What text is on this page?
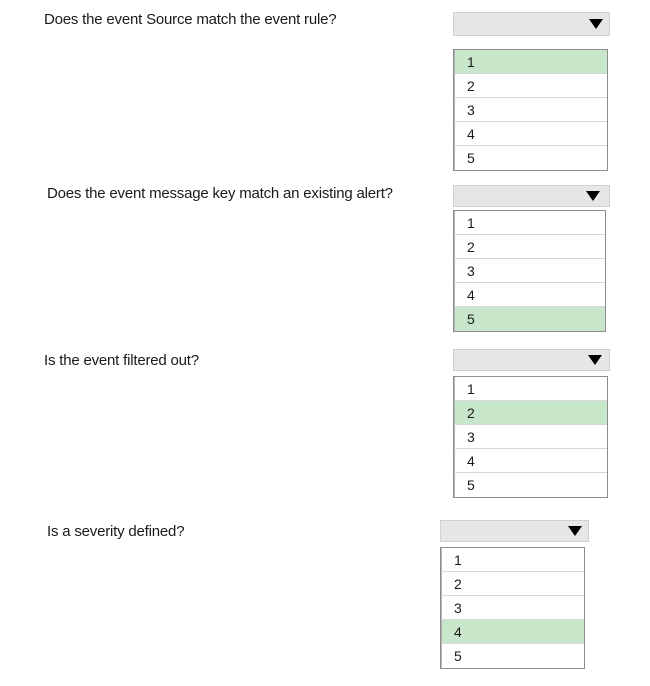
Does the event Source match the event rule?
1
2
3
4
5
Does the event message key match an existing alert?
1
2
3
4
5
Is the event filtered out?
1
2
3
4
5
Is a severity defined?
1
2
3
4
5
